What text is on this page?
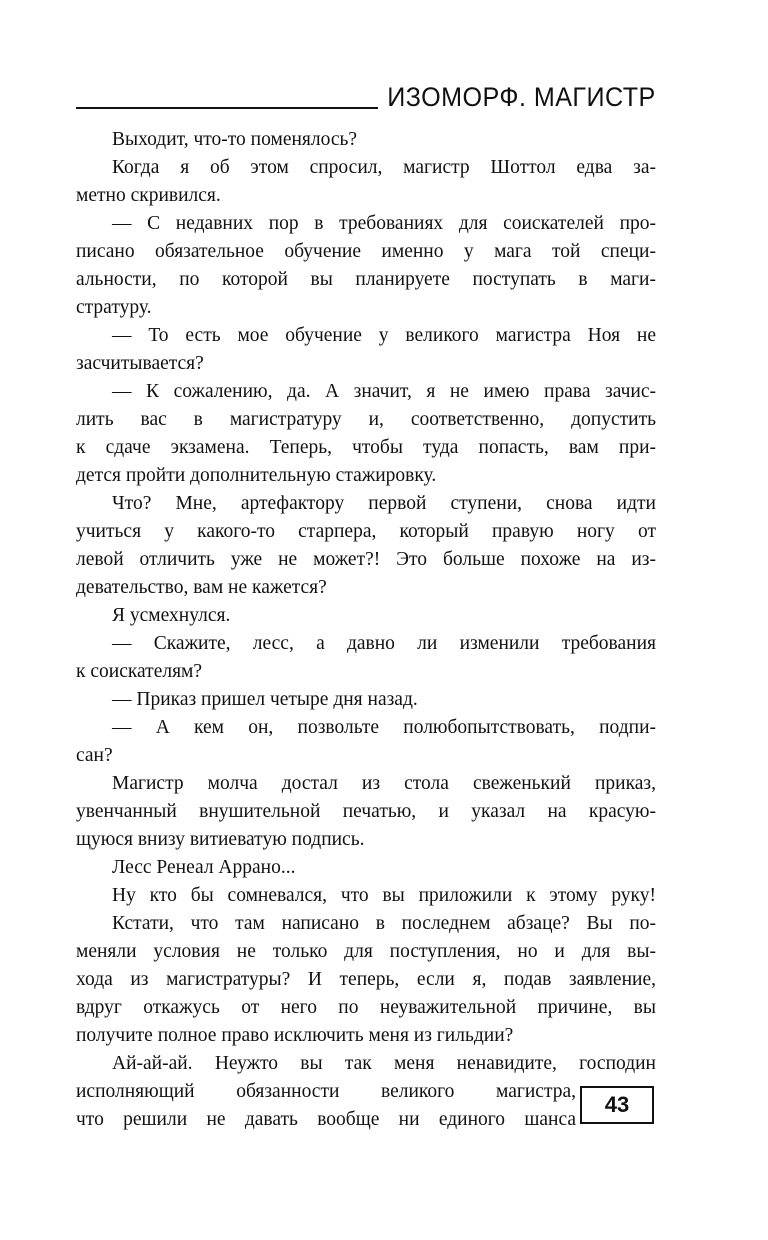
ИЗОМОРФ. МАГИСТР
Выходит, что-то поменялось?
Когда я об этом спросил, магистр Шоттол едва за-
метно скривился.
— С недавних пор в требованиях для соискателей про-
писано обязательное обучение именно у мага той специ-
альности, по которой вы планируете поступать в маги-
стратуру.
— То есть мое обучение у великого магистра Ноя не
засчитывается?
— К сожалению, да. А значит, я не имею права зачис-
лить вас в магистратуру и, соответственно, допустить
к сдаче экзамена. Теперь, чтобы туда попасть, вам при-
дется пройти дополнительную стажировку.
Что? Мне, артефактору первой ступени, снова идти
учиться у какого-то старпера, который правую ногу от
левой отличить уже не может?! Это больше похоже на из-
девательство, вам не кажется?
Я усмехнулся.
— Скажите, лесс, а давно ли изменили требования
к соискателям?
— Приказ пришел четыре дня назад.
— А кем он, позвольте полюбопытствовать, подпи-
сан?
Магистр молча достал из стола свеженький приказ,
увенчанный внушительной печатью, и указал на красую-
щуюся внизу витиеватую подпись.
Лесс Ренеал Аррано...
Ну кто бы сомневался, что вы приложили к этому руку!
Кстати, что там написано в последнем абзаце? Вы по-
меняли условия не только для поступления, но и для вы-
хода из магистратуры? И теперь, если я, подав заявление,
вдруг откажусь от него по неуважительной причине, вы
получите полное право исключить меня из гильдии?
Ай-ай-ай. Неужто вы так меня ненавидите, господин
исполняющий обязанности великого магистра,
что решили не давать вообще ни единого шанса
43
